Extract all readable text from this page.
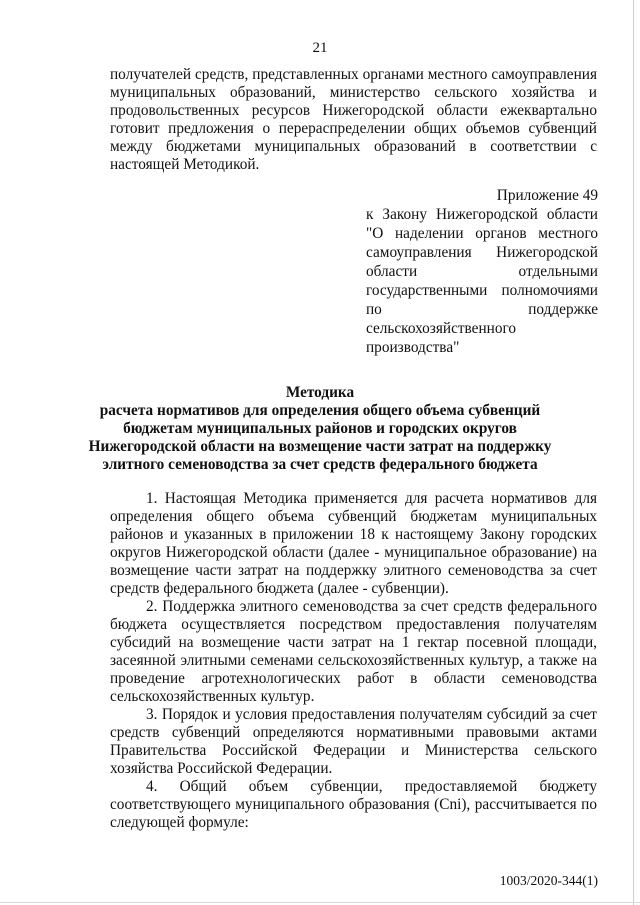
21
получателей средств, представленных органами местного самоуправления
муниципальных образований, министерство сельского хозяйства и
продовольственных ресурсов Нижегородской области ежеквартально
готовит предложения о перераспределении общих объемов субвенций
между бюджетами муниципальных образований в соответствии с
настоящей Методикой.
Приложение 49
к Закону Нижегородской области
"О наделении органов местного
самоуправления Нижегородской
области отдельными
государственными полномочиями
по поддержке
сельскохозяйственного
производства"
Методика
расчета нормативов для определения общего объема субвенций
бюджетам муниципальных районов и городских округов
Нижегородской области на возмещение части затрат на поддержку
элитного семеноводства за счет средств федерального бюджета
1. Настоящая Методика применяется для расчета нормативов для
определения общего объема субвенций бюджетам муниципальных
районов и указанных в приложении 18 к настоящему Закону городских
округов Нижегородской области (далее - муниципальное образование) на
возмещение части затрат на поддержку элитного семеноводства за счет
средств федерального бюджета (далее - субвенции).
2. Поддержка элитного семеноводства за счет средств федерального
бюджета осуществляется посредством предоставления получателям
субсидий на возмещение части затрат на 1 гектар посевной площади,
засеянной элитными семенами сельскохозяйственных культур, а также на
проведение агротехнологических работ в области семеноводства
сельскохозяйственных культур.
3. Порядок и условия предоставления получателям субсидий за счет
средств субвенций определяются нормативными правовыми актами
Правительства Российской Федерации и Министерства сельского
хозяйства Российской Федерации.
4. Общий объем субвенции, предоставляемой бюджету
соответствующего муниципального образования (Cni), рассчитывается по
следующей формуле:
1003/2020-344(1)
